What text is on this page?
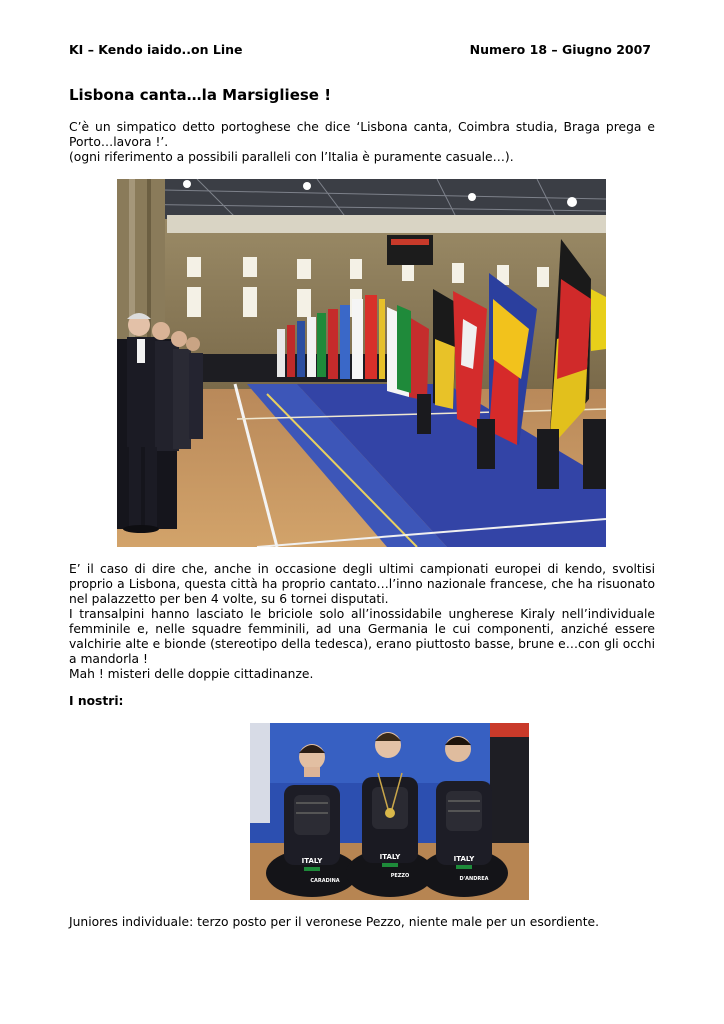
KI – Kendo iaido..on Line	Numero 18 – Giugno 2007
Lisbona canta…la Marsigliese !

C’è un simpatico detto portoghese che dice ‘Lisbona canta, Coimbra studia, Braga prega e Porto…lavora !’.

(ogni riferimento a possibili paralleli con l’Italia è puramente casuale…).

E’ il caso di dire che, anche in occasione degli ultimi campionati europei di kendo, svoltisi proprio a Lisbona, questa città ha proprio cantato…l’inno nazionale francese, che ha risuonato nel palazzetto per ben 4 volte, su 6 tornei disputati.

I transalpini hanno lasciato le briciole solo all’inossidabile ungherese Kiraly nell’individuale femminile e, nelle squadre femminili, ad una Germania le cui componenti, anziché essere valchirie alte e bionde (stereotipo della tedesca), erano piuttosto basse, brune e…con gli occhi a mandorla !

Mah ! misteri delle doppie cittadinanze.

I nostri:
ITALY
CARADINA
ITALY
PEZZO
ITALY
D'ANDREA

Juniores individuale: terzo posto per il veronese Pezzo, niente male per un esordiente.
